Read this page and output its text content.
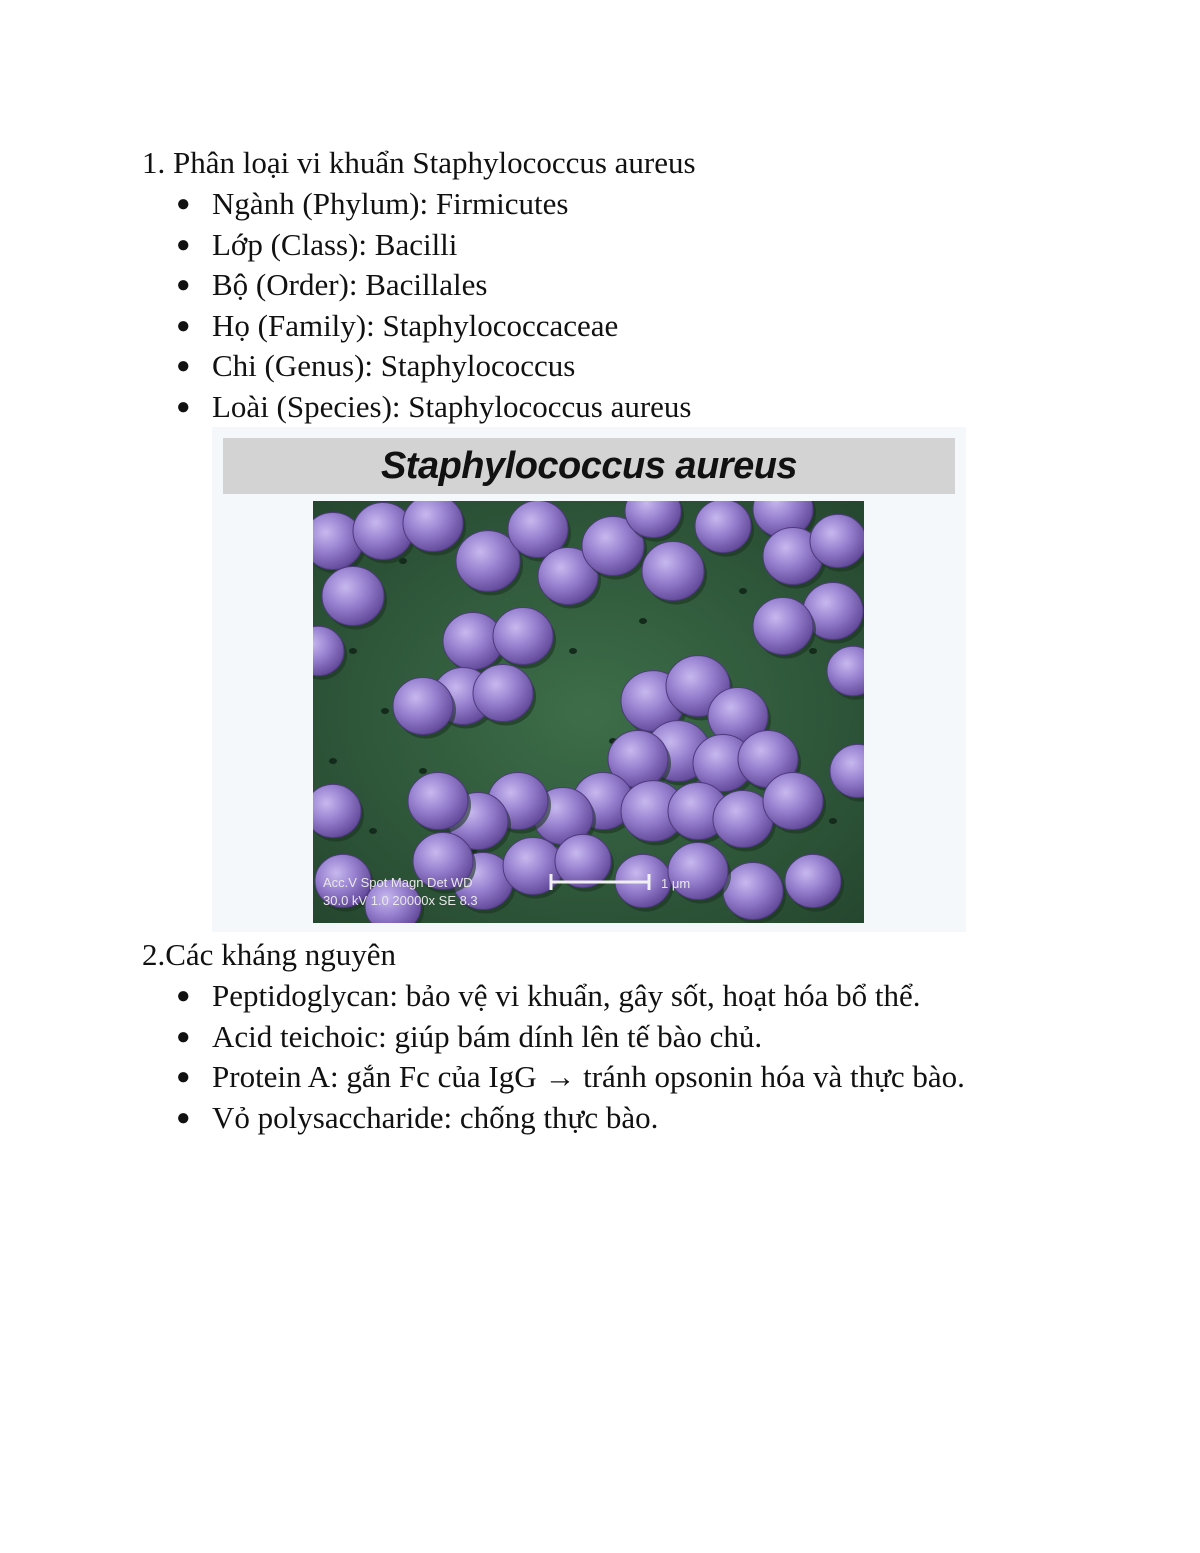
1. Phân loại vi khuẩn Staphylococcus aureus
● Ngành (Phylum): Firmicutes
● Lớp (Class): Bacilli
● Bộ (Order): Bacillales
● Họ (Family): Staphylococcaceae
● Chi (Genus): Staphylococcus
● Loài (Species): Staphylococcus aureus
Staphylococcus aureus
1 μm
Acc.V Spot Magn Det WD
30.0 kV 1.0 20000x SE 8.3
2.Các kháng nguyên
● Peptidoglycan: bảo vệ vi khuẩn, gây sốt, hoạt hóa bổ thể.
● Acid teichoic: giúp bám dính lên tế bào chủ.
● Protein A: gắn Fc của IgG → tránh opsonin hóa và thực bào.
● Vỏ polysaccharide: chống thực bào.
